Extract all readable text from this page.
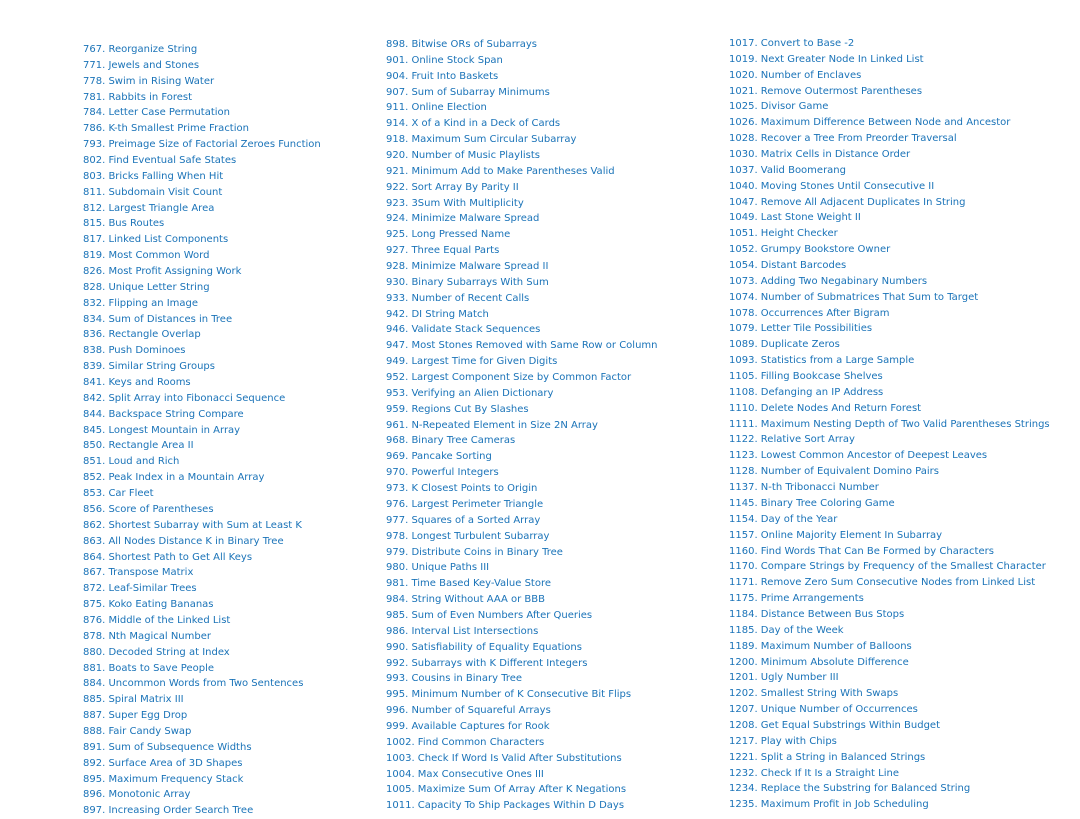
767. Reorganize String
771. Jewels and Stones
778. Swim in Rising Water
781. Rabbits in Forest
784. Letter Case Permutation
786. K-th Smallest Prime Fraction
793. Preimage Size of Factorial Zeroes Function
802. Find Eventual Safe States
803. Bricks Falling When Hit
811. Subdomain Visit Count
812. Largest Triangle Area
815. Bus Routes
817. Linked List Components
819. Most Common Word
826. Most Profit Assigning Work
828. Unique Letter String
832. Flipping an Image
834. Sum of Distances in Tree
836. Rectangle Overlap
838. Push Dominoes
839. Similar String Groups
841. Keys and Rooms
842. Split Array into Fibonacci Sequence
844. Backspace String Compare
845. Longest Mountain in Array
850. Rectangle Area II
851. Loud and Rich
852. Peak Index in a Mountain Array
853. Car Fleet
856. Score of Parentheses
862. Shortest Subarray with Sum at Least K
863. All Nodes Distance K in Binary Tree
864. Shortest Path to Get All Keys
867. Transpose Matrix
872. Leaf-Similar Trees
875. Koko Eating Bananas
876. Middle of the Linked List
878. Nth Magical Number
880. Decoded String at Index
881. Boats to Save People
884. Uncommon Words from Two Sentences
885. Spiral Matrix III
887. Super Egg Drop
888. Fair Candy Swap
891. Sum of Subsequence Widths
892. Surface Area of 3D Shapes
895. Maximum Frequency Stack
896. Monotonic Array
897. Increasing Order Search Tree
898. Bitwise ORs of Subarrays
901. Online Stock Span
904. Fruit Into Baskets
907. Sum of Subarray Minimums
911. Online Election
914. X of a Kind in a Deck of Cards
918. Maximum Sum Circular Subarray
920. Number of Music Playlists
921. Minimum Add to Make Parentheses Valid
922. Sort Array By Parity II
923. 3Sum With Multiplicity
924. Minimize Malware Spread
925. Long Pressed Name
927. Three Equal Parts
928. Minimize Malware Spread II
930. Binary Subarrays With Sum
933. Number of Recent Calls
942. DI String Match
946. Validate Stack Sequences
947. Most Stones Removed with Same Row or Column
949. Largest Time for Given Digits
952. Largest Component Size by Common Factor
953. Verifying an Alien Dictionary
959. Regions Cut By Slashes
961. N-Repeated Element in Size 2N Array
968. Binary Tree Cameras
969. Pancake Sorting
970. Powerful Integers
973. K Closest Points to Origin
976. Largest Perimeter Triangle
977. Squares of a Sorted Array
978. Longest Turbulent Subarray
979. Distribute Coins in Binary Tree
980. Unique Paths III
981. Time Based Key-Value Store
984. String Without AAA or BBB
985. Sum of Even Numbers After Queries
986. Interval List Intersections
990. Satisfiability of Equality Equations
992. Subarrays with K Different Integers
993. Cousins in Binary Tree
995. Minimum Number of K Consecutive Bit Flips
996. Number of Squareful Arrays
999. Available Captures for Rook
1002. Find Common Characters
1003. Check If Word Is Valid After Substitutions
1004. Max Consecutive Ones III
1005. Maximize Sum Of Array After K Negations
1011. Capacity To Ship Packages Within D Days
1017. Convert to Base -2
1019. Next Greater Node In Linked List
1020. Number of Enclaves
1021. Remove Outermost Parentheses
1025. Divisor Game
1026. Maximum Difference Between Node and Ancestor
1028. Recover a Tree From Preorder Traversal
1030. Matrix Cells in Distance Order
1037. Valid Boomerang
1040. Moving Stones Until Consecutive II
1047. Remove All Adjacent Duplicates In String
1049. Last Stone Weight II
1051. Height Checker
1052. Grumpy Bookstore Owner
1054. Distant Barcodes
1073. Adding Two Negabinary Numbers
1074. Number of Submatrices That Sum to Target
1078. Occurrences After Bigram
1079. Letter Tile Possibilities
1089. Duplicate Zeros
1093. Statistics from a Large Sample
1105. Filling Bookcase Shelves
1108. Defanging an IP Address
1110. Delete Nodes And Return Forest
1111. Maximum Nesting Depth of Two Valid Parentheses Strings
1122. Relative Sort Array
1123. Lowest Common Ancestor of Deepest Leaves
1128. Number of Equivalent Domino Pairs
1137. N-th Tribonacci Number
1145. Binary Tree Coloring Game
1154. Day of the Year
1157. Online Majority Element In Subarray
1160. Find Words That Can Be Formed by Characters
1170. Compare Strings by Frequency of the Smallest Character
1171. Remove Zero Sum Consecutive Nodes from Linked List
1175. Prime Arrangements
1184. Distance Between Bus Stops
1185. Day of the Week
1189. Maximum Number of Balloons
1200. Minimum Absolute Difference
1201. Ugly Number III
1202. Smallest String With Swaps
1207. Unique Number of Occurrences
1208. Get Equal Substrings Within Budget
1217. Play with Chips
1221. Split a String in Balanced Strings
1232. Check If It Is a Straight Line
1234. Replace the Substring for Balanced String
1235. Maximum Profit in Job Scheduling
